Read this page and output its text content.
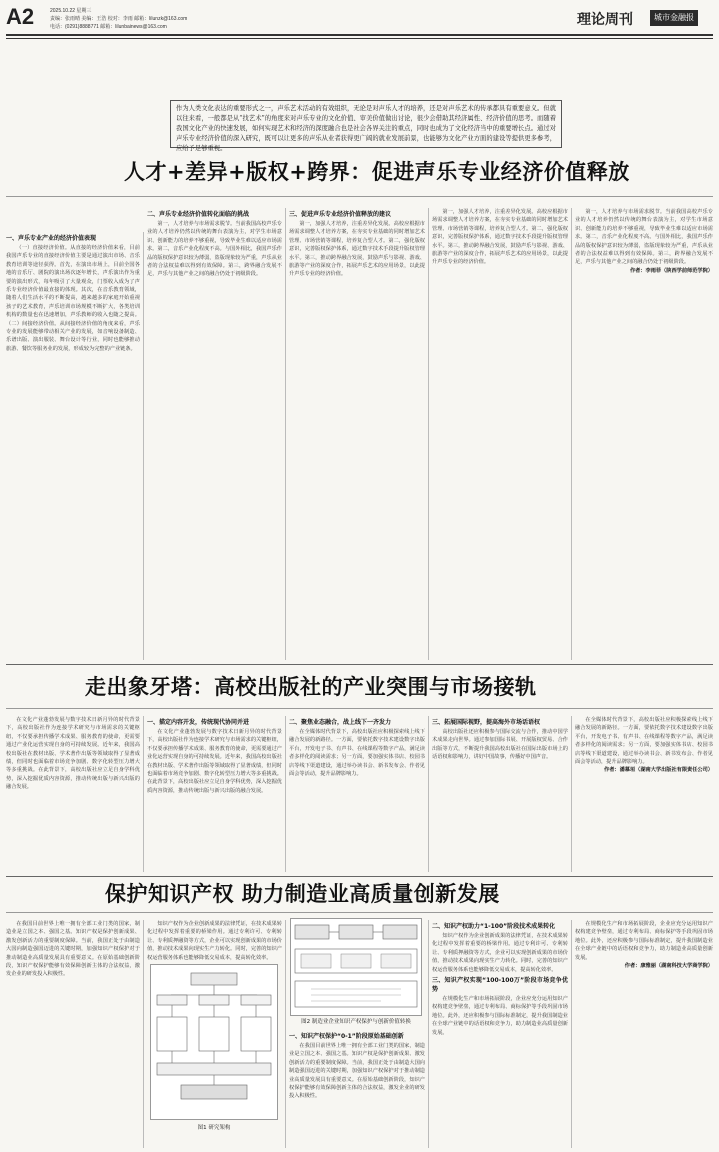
A2	2025.10.22 星期三
责编：张雨晴 美编：王浩 校对：李雨 邮箱：lilunzk@163.com
电话：(0291)8888771 邮箱：lilunbainews@163.com	理论周刊	城市金融报
作为人类文化表达的重要形式之一，声乐艺术活动的有效组织，无论是对声乐人才的培养，还是对声乐艺术的传承都具有重要意义。但就以往来看，一般都是从“找艺术”的角度来对声乐专业的文化价值、审美价值做出讨论，很少会借助其经济属性、经济价值的思考。而随着我国文化产业的快速发展，如何实现艺术和经济的深度融合也是社会各界关注的重点，同时也成为了文化经济当中的重要增长点。通过对声乐专业经济价值的深入研究，既可以让更多的声乐从业者获得更广阔的就业发展前景，也能够为文化产业方面的建设等提供更多参考，应给予足够重视。
人才+差异+版权+跨界：促进声乐专业经济价值释放
一、声乐专业产业的经济价值表现

（一）直接经济价值。从直接的经济价值来看，目前我国声乐专业的直接经济价值主要是通过演出市场、音乐教育培训等途径获得。首先，在演出市场上，目前全国各地的音乐厅、剧院的演出场次逐年增长，声乐演出作为重要的演出形式，每年吸引了大量观众，门票收入成为了声乐专业经济价值最直接的体现。其次，在音乐教育领域，随着人们生活水平的不断提高，越来越多的家庭开始重视孩子的艺术教育，声乐培训市场规模不断扩大，各类培训机构的数量也在迅速增加，声乐教师的收入也随之提高。（二）间接经济价值。从间接经济价值的角度来看，声乐专业的发展能够带动相关产业的发展，如音响设备制造、乐谱出版、演出服装、舞台设计等行业，同时也能够推动旅游、餐饮等服务业的发展，形成较为完整的产业链条。

二、声乐专业经济价值转化面临的挑战

第一，人才培养与市场需求脱节。当前我国高校声乐专业的人才培养仍然以传统的舞台表演为主，对学生市场意识、创新能力的培养不够重视，导致毕业生难以适应市场需求。第二，音乐产业化程度不高。与国外相比，我国声乐作品的版权保护意识较为薄弱，盗版现象较为严重，声乐从业者的合法权益难以得到有效保障。第三，跨界融合发展不足，声乐与其他产业之间的融合仍处于初级阶段。

三、促进声乐专业经济价值释放的建议

第一，加强人才培养，注重差异化发展。高校应根据市场需求调整人才培养方案，在夯实专业基础的同时增加艺术管理、市场营销等课程，培养复合型人才。第二，强化版权意识，完善版权保护体系，通过数字技术手段提升版权管理水平。第三，推动跨界融合发展，鼓励声乐与影视、游戏、旅游等产业的深度合作，拓展声乐艺术的应用场景，以此提升声乐专业的经济价值。

第一，加强人才培养，注重差异化发展。高校应根据市场需求调整人才培养方案，在夯实专业基础的同时增加艺术管理、市场营销等课程，培养复合型人才。第二，强化版权意识，完善版权保护体系，通过数字技术手段提升版权管理水平。第三，推动跨界融合发展，鼓励声乐与影视、游戏、旅游等产业的深度合作，拓展声乐艺术的应用场景，以此提升声乐专业的经济价值。

第一，人才培养与市场需求脱节。当前我国高校声乐专业的人才培养仍然以传统的舞台表演为主，对学生市场意识、创新能力的培养不够重视，导致毕业生难以适应市场需求。第二，音乐产业化程度不高。与国外相比，我国声乐作品的版权保护意识较为薄弱，盗版现象较为严重，声乐从业者的合法权益难以得到有效保障。第三，跨界融合发展不足，声乐与其他产业之间的融合仍处于初级阶段。

作者：李雨菲（陕西学前师范学院）

走出象牙塔：高校出版社的产业突围与市场接轨

在文化产业蓬勃发展与数字技术日新月异的时代背景下，高校出版社作为连接学术研究与市场需求的关键枢纽，不仅要承担传播学术成果、服务教育的使命，更需要通过产业化运营实现自身的可持续发展。近年来，我国高校出版社在教材出版、学术著作出版等领域取得了显著成绩，但同时也面临着市场竞争加剧、数字化转型压力增大等多重挑战。在此背景下，高校出版社应立足自身学科优势，深入挖掘优质内容资源，推动传统出版与新兴出版的融合发展。

一、描定内容开发，传统现代协同并进

在文化产业蓬勃发展与数字技术日新月异的时代背景下，高校出版社作为连接学术研究与市场需求的关键枢纽，不仅要承担传播学术成果、服务教育的使命，更需要通过产业化运营实现自身的可持续发展。近年来，我国高校出版社在教材出版、学术著作出版等领域取得了显著成绩，但同时也面临着市场竞争加剧、数字化转型压力增大等多重挑战。在此背景下，高校出版社应立足自身学科优势，深入挖掘优质内容资源，推动传统出版与新兴出版的融合发展。

二、聚焦业态融合，战上线下一齐发力

在全媒体时代背景下，高校出版社应积极探索线上线下融合发展的新路径。一方面，要依托数字技术建设数字出版平台，开发电子书、有声书、在线课程等数字产品，满足读者多样化的阅读需求；另一方面，要加强实体书店、校园书店等线下渠道建设，通过举办读书会、新书发布会、作者见面会等活动，提升品牌影响力。

三、拓展国际视野，提高海外市场话语权

高校出版社还应积极参与国际交流与合作，推动中国学术成果走向世界。通过参加国际书展、开展版权贸易、合作出版等方式，不断提升我国高校出版社在国际出版市场上的话语权和影响力，讲好中国故事，传播好中国声音。

在全媒体时代背景下，高校出版社应积极探索线上线下融合发展的新路径。一方面，要依托数字技术建设数字出版平台，开发电子书、有声书、在线课程等数字产品，满足读者多样化的阅读需求；另一方面，要加强实体书店、校园书店等线下渠道建设，通过举办读书会、新书发布会、作者见面会等活动，提升品牌影响力。

作者：潘慕垣（湖南大学出版社有限责任公司）

保护知识产权 助力制造业高质量创新发展

在我国目前世界上唯一拥有全部工业门类的国家，制造业是立国之本、强国之基。知识产权是保护创新成果、激发创新活力的重要制度保障。当前，我国正处于由制造大国向制造强国迈进的关键时期，加强知识产权保护对于推动制造业高质量发展具有重要意义。在原始基础创新阶段，知识产权保护能够有效保障创新主体的合法权益，激发企业的研发投入积极性。

知识产权作为企业创新成果的法律凭证，在技术成果转化过程中发挥着重要的桥梁作用。通过专利许可、专利转让、专利质押融资等方式，企业可以实现创新成果的市场价值，推动技术成果向现实生产力转化。同时，完善的知识产权运营服务体系也能够降低交易成本，提高转化效率。

图1 研究架构
图2 制造业企业知识产权保护与创新价值转换
一、知识产权保护“0-1”阶段原始基础创新

在我国目前世界上唯一拥有全部工业门类的国家，制造业是立国之本、强国之基。知识产权是保护创新成果、激发创新活力的重要制度保障。当前，我国正处于由制造大国向制造强国迈进的关键时期，加强知识产权保护对于推动制造业高质量发展具有重要意义。在原始基础创新阶段，知识产权保护能够有效保障创新主体的合法权益，激发企业的研发投入积极性。

二、知识产权助力“1-100”阶段技术成果转化

知识产权作为企业创新成果的法律凭证，在技术成果转化过程中发挥着重要的桥梁作用。通过专利许可、专利转让、专利质押融资等方式，企业可以实现创新成果的市场价值，推动技术成果向现实生产力转化。同时，完善的知识产权运营服务体系也能够降低交易成本，提高转化效率。

三、知识产权实现“100-100万”阶段市场竞争优势

在规模化生产和市场拓展阶段，企业应充分运用知识产权构建竞争壁垒，通过专利布局、商标保护等手段巩固市场地位。此外，还应积极参与国际标准制定，提升我国制造业在全球产业链中的话语权和竞争力，助力制造业高质量创新发展。

在规模化生产和市场拓展阶段，企业应充分运用知识产权构建竞争壁垒，通过专利布局、商标保护等手段巩固市场地位。此外，还应积极参与国际标准制定，提升我国制造业在全球产业链中的话语权和竞争力，助力制造业高质量创新发展。

作者：康雅丽（湖南科技大学商学院）
